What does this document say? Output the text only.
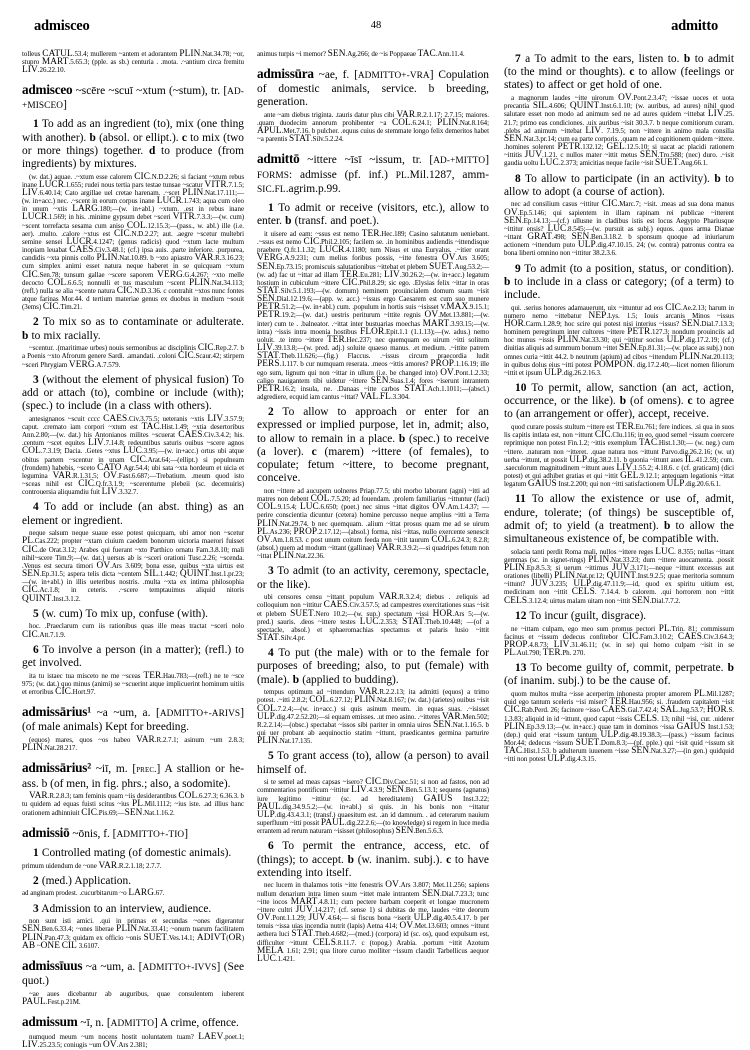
admisceo	48	admitto
tolleus CATUL.53.4; mullerem ~antem et adorantem PLIN.Nat.34.78; ~or, stupro MART.5.65.3; (pple. as sb.) centuria . .mota. .~antium circa fremitu LIV.26.22.10.
admisceo ~scēre ~scuī ~xtum (~stum), tr. [AD-+MISCEO]
1 To add as an ingredient (to), mix (one thing with another). b (absol. or ellipt.). c to mix (two or more things) together. d to produce (from ingredients) by mixtures.
(w. dat.) aquae. .~xtum esse calorem CIC.N.D.2.26; si faciant ~xtum rebus inane LUCR.1.655; rudei nous tertia pars testae tunsae ~scatur VITR.7.1.5; LIV.6.40.14; Cato argillae uel cretae harenam. .~scet PLIN.Nat.17.111;—(w. in+acc.) nec. .~scent in eorum corpus inane LUCR.1.743; aqua cum oleo in unum ~xtis LARG.180;—(w. in+abl.) ~xtum. .est in rebus inane LUCR.1.569; in his. .minime gypsum debet ~sceri VITR.7.3.3;—(w. cum) ~scent torrefacta sesama cum aniso COL.12.15.3;—(pass., w. abl.) ille (i.e. aer). .multo. .calore ~xtus est CIC.N.D.2.27; aut. .aegre ~scetur multebri semine sensei LUCR.4.1247; (genus radicis) quod ~xtum lacte multum inopiam leuabat CAES.Civ.3.48.1; (cf.) ipsa auis. .parte inferiore. .purpurea, candidis ~xta pinnis collo PLIN.Nat.10.89. b ~xto apiastro VAR.R.3.16.23; cum simplex animi esset natura neque haberet in se quicquam ~xtum CIC.Sen.78; tunsum gallae ~scere saporem VERG.G.4.267; ~xto melle decocto COL.6.6.5; nonnulli et tus masculum ~scent PLIN.Nat.34.113; (refl.) nulla se alia ~scente natura CIC.N.D.3.36. c contrahit ~xtos nunc fontes atque farinas Mor.44. d tertium materiae genus ex duobus in medium ~souit (3ems) CIC.Tim.21.
2 To mix so as to contaminate or adulterate. b to mix racially.
~scentur. .(maritimae urbes) nouis sermonibus ac disciplinis CIC.Rep.2.7. b a Poenis ~xto Afrorum genere Sardi. .amandati. .coloni CIC.Scaur.42; stirpem ~sceri Phrygiam VERG.A.7.579.
3 (without the element of physical fusion) To add or attach (to), combine or include (with); (spec.) to include (in a class with others).
antesignanos ~scuit cccc CAES.Civ.3.75.5; ueteranis ~xtis LIV.3.57.9; caput. .cremato iam corpori ~xtum est TAC.Hist.1.49; ~xtia desertoribus Ann.2.80;—(w. dat.) his Antonianos milites ~scuerat CAES.Civ.3.4.2; his. .centum ~scet equites LIV.7.14.8; redeuntibus saturis ouibus ~scere agnos COL.7.3.19; Dacia. .Getes ~xtus LUC.3.95;—(w. in+acc.) ortus ubi atque obitus partem ~scentur in unam CIC.Arat.64;—(ellipt.) si populneam (frondem) habebis, ~sceto CATO Agr.54.4; ubi sata ~xta hordeum et uicia et legumina VAR.R.1.31.5; OV.Fast.6.687;—Trebatium. .meum quod isto ~sceas nihil est CIC.Q.fr.3.1.9; ~scerenturne plebeii (sc. decemuiris) controuersia aliquamdiu fuit LIV.3.32.7.
4 To add or include (an abst. thing) as an element or ingredient.
neque salsum neque suaue esse potest quicquam, ubi amor non ~scetur PL.Cas.222; propter ~xtam ciuium caedem bonorum uictoria maerori fuisset CIC.de Orat.3.12; Arabes qui fuerant ~xto Parthico ornatu Fam.3.8.10; mali nihil~scere Tim.9;—(w. dat.) uersus ab is ~sceri orationi Tusc.2.26; ~scenda. .Venus est secura timori OV.Ars 3.609; bona esse, quibus ~xta uirtus est SEN.Ep.31.5; aspera telis dicta ~centem SIL.1.442; QUINT.Inst.1.pr.23;—(w. in+abl.) in illis ueteribus nostris. .multa ~xta ex intima philosophia CIC.Ac.1.8; in ceteris. .~scere temptauimus aliquid nitoris QUINT.Inst.3.1.2.
5 (w. cum) To mix up, confuse (with).
hoc. .Praeclarum cum iis rationibus quas ille meas tractat ~sceri nolo CIC.Att.7.1.9.
6 To involve a person (in a matter); (refl.) to get involved.
ita tu istaec tua misceto ne me ~sceas TER.Hau.783;—(refl.) ne te ~sce 975; (w. dat.) quo minus (animi) se ~scuerint atque implicuerint hominum uitiis et erroribus CIC.Hort.97.
admissārius¹ ~a ~um, a. [ADMITTO+-ARIVS] (of male animals) Kept for breeding.
(equos) mares, quos ~os habeo VAR.R.2.7.1; asinum ~um 2.8.3; PLIN.Nat.28.217.
admissārius² ~iī, m. [prec.] A stallion or he-ass. b (of men, in fig. phrs.; also, a sodomite).
VAR.R.2.8.3; tam feminis quam ~iis desiderantibus COL.6.27.3; 6.36.3. b tu quidem ad equas fuisti scitus ~ius PL.Mil.1112; ~ius iste. .ad illius hanc orationem adhinniuit CIC.Pis.69;—SEN.Nat.1.16.2.
admissiō ~ōnis, f. [ADMITTO+-TIO]
1 Controlled mating (of domestic animals).
primum uidendum de ~one VAR.R.2.1.18; 2.7.7.
2 (med.) Application.
ad anginam prodest. .cucurbitarum ~o LARG.67.
3 Admission to an interview, audience.
non sunt isti amici. .qui in primas et secundas ~ones digerantur SEN.Ben.6.33.4; ~ones liberae PLIN.Nat.33.41; ~onum tuarum facilitatem PLIN.Pan.47.3; quidam ex officio ~onis SUET.Ves.14.1; ADIVT(OR) AB ~ONE CIL 3.6107.
admissīuus ~a ~um, a. [ADMITTO+-IVVS] (See quot.)
~ae aues dicebantur ab auguribus, quae consulentem iuberent PAUL.Fest.p.21M.
admissum ~ī, n. [ADMITTO] A crime, offence.
numquod meum ~um nocens hostit uoluntatem tuam? LAEV.poet.1; LIV.25.23.5; coniugis ~um OV.Ars 2.381;
animus turpis ~i memor? SEN.Ag.266; de ~is Poppaeae TAC.Ann.11.4.
admissūra ~ae, f. [ADMITTO+-VRA] Copulation of domestic animals, service. b breeding, generation.
ante ~am diebus triginta. .tauris datur plus cibi VAR.R.2.1.17; 2.7.15; maiores. .quam duodecim annorum prohibenter ~a COL.6.24.1; PLIN.Nat.8.164; APUL.Met.7.16. b pulcher. .equus cuius de stemmate longo felix demeritos habet ~a parentis STAT.Silv.5.2.24.
admittō ~ittere ~īsī ~issum, tr. [AD-+MITTO] FORMS: admisse (pf. inf.) PL.Mil.1287, amm- SIC.FL.agrim.p.99.
1 To admit or receive (visitors, etc.), allow to enter. b (transf. and poet.).
it uisere ad eam: ~ssus est nemo TER.Hec.189; Casino salutatum ueniebant. .~ssus est nemo CIC.Phil.2.105; facilem se. .in hominibus audiendis ~ittendisque praebere Q.fr.1.1.32; LUCR.4.1180; tum Nisus et una Euryalus. .~itier orant VERG.A.9.231; cum melius foribus possis, ~itte fenestra OV.Ars 3.605; SEN.Ep.73.15; promiscuis salutationibus ~ittebat et plebem SUET.Aug.53.2;—(w. ad) fac ut ~ittar ad illam TER.Eu.281; LIV.30.26.2;—(w. in+acc.) legatum hostium in cubiculum ~ittere CIC.Phil.8.29; sic ego. .Elysias felix ~ittar in oras STAT.Silv.5.1.193;—(w. domum) neminem prouincialem domum suam ~isit SEN.Dial.12.19.6;—(app. w. acc.) ~issus ergo Caesarem est cum suo munere PETR.51.2;—(w. in+abl.) cum. .populum in hortis suis ~isisset V.MAX.9.15.1; PETR.19.2;—(w. dat.) uestris periturum ~ittite regnis OV.Met.13.881;—(w. inter) cum te . .balneator. .~ittat inter bustuarias moechas MART.3.93.15;—(w. intra) ~issis intra moenia hostibus FLOR.Epit.1.1 (1.1.13);—(w. adus.) nemo uoluit. .te intro ~ittere TER.Hec.237; nec quemquam eo uirum ~itti solitum LIV.39.13.8;—(w. pred. adj.) soluite quaeso manus. .et medium. .~ittite patrem STAT.Theb.11.626;—(fig.) Flaccus. .~issus circum praecordia ludit PERS.1.117. b cur numquam reserata. .meos ~ittis amores? PROP.1.16.19; ille ego sum, lignum qui non ~ittar in ullum (i.e. be changed into) OV.Pont.1.2.33; caligo nauigantem tibi uidetur ~ittere SEN.Suas.1.4; fores ~iserunt intrantem PETR.16.2; insula, ne. .Danaas ~itte carbos STAT.Ach.1.1011;—(abscl.) adgrediere, ecquid iam cantus ~ittat? VAL.FL.3.304.
2 To allow to approach or enter for an expressed or implied purpose, let in, admit; also, to allow to remain in a place. b (spec.) to receive (a lover). c (marem) ~ittere (of females), to copulate; fetum ~ittere, to become pregnant, conceive.
non ~ittere ad aucupem uolneres Priap.77.5; ubi morbo laborant (agni) ~itti ad matres non debent COL.7.5.20; ad fouendam. .prolem familiarius ~ittuntur (faci) COL.9.15.4; LUC.6.650; (poet.) nec sinus ~ittat digitos OV.Am.1.4.37; —perire conscientia dicuntur (cetera) homine percusso neque amplius ~itti a Terra PLIN.Nat.29.74. b nec quemquam. .alium ~ittat prosus quam me ad se uirum PL.As.236; PROP.2.17.12;—(absol.) forma, nisi ~ittas, nullo exercente senescit OV.Am.1.8.53. c post unum coitum feeda non ~ittit taurum COL.6.24.3; 8.2.8; (absol.) quem ad modum ~ittant (gallinae) VAR.R.3.9.2;—si quadripes fetum non ~ittat PLIN.Nat.22.36.
3 To admit (to an activity, ceremony, spectacle, or the like).
ubi censores censu ~ittant populum VAR.R.3.2.4; diebus . .reliquis ad colloquium non ~ittitur CAES.Civ.3.57.5; ad campestres exercitationes suas ~isit et plebem SUET.Nero 10.2;—(w. sup.) spectatum ~issi HOR.Ars 5;—(w. pred.) sauris. .deos ~ittere testes LUC.2.353; STAT.Theb.10.448; —(of a spectacle, absol.) et sphaeromachias spectamus et palaris lusio ~ittit STAT.Silv.4.pr.
4 To put (the male) with or to the female for purposes of breeding; also, to put (female) with (male). b (applied to budding).
tempus optimum ad ~ittendum VAR.R.2.2.13; ita admitti (equos) a trimo potest. .~itti 2.8.2; COL.6.27.12; PLIN.Nat.8.167; (w. dat.) (arietes) ouibus ~isit COL.7.2.4;—(w. in+acc.) si quis asinum meum. .in equas suas. .~isisset ULP.dig.47.2.52.20;—si equam emisses. .ut meo asino. .~itteres VAR.Men.502; R.2.2.14;—(obsc.) spectabat ~issos sibi pariter in omnia uiros SEN.Nat.1.16.5. b qui uer probant ab aequinoctio statim ~ittunt, praedicantes germina parturire PLIN.Nat.17.135.
5 To grant access (to), allow (a person) to avail himself of.
si te semel ad meas capsas ~isero? CIC.Div.Caec.51; si non ad fastos, non ad commentarios pontificum ~ittitur LIV.4.3.9; SEN.Ben.5.13.1; sequens (agnatus) iure legitimo ~ittitur (sc. ad hereditatem) GAIUS Inst.3.22; PAUL.dig.34.9.5.2;—(w. in+abl.) si quis. .in his bonis non ~ittatur ULP.dig.43.4.3.1; (transf.) quaesitum est. .an id damnum. . ad ceterarum nauium superfluum ~itti possit PAUL.dig.22.2.6;—(to knowledge) si regem in luce media errantem ad rerum naturam ~isisset (philosophus) SEN.Ben.5.6.3.
6 To permit the entrance, access, etc. of (things); to accept. b (w. inanim. subj.). c to have extending into itself.
nec lucem in thalamos totis ~itte fenestris OV.Ars 3.807; Met.11.256; sapiens nullum denarium intra limen suum ~ittet male intrantem SEN.Dial.7.23.3; tunc ~itte iocos MART.4.8.11; cum pectere barbam coeperit et longae mucronem ~ittere cultri JUV.14.217; (cf. sense 1) si dubitas de me, laudes ~itte deorum OV.Pont.1.1.29; JUV.4.64;— si fiscus bona ~iserit ULP.dig.40.5.4.17. b per tenuis ~issa uias incendia nutrit (lapis) Aetna 414; OV.Met.13.603; omnes ~ittunt aethera luci STAT.Theb.4.682;—(med.) (corpora) id (sc. os), quod expulsum est, difficulter ~ittunt CELS.8.11.7. c (topog.) Arabia. .portum ~ittit Azotum MELA 1.61; 2.91; qua litore curuo molliter ~issum claudit Tarbellicus aequor LUC.1.421.
7 a To admit to the ears, listen to. b to admit (to the mind or thoughts). c to allow (feelings or states) to affect or get hold of one.
a magnorum laudes ~itte uirorum OV.Pont.2.3.47; ~issae uoces et uota precantia SIL.4.606; QUINT.Inst.6.1.10; (w. auribus, ad aures) nihil quod salutare esset non modo ad animum sed ne ad aures quidem ~ittebat LIV.25. 21.7; primo eas condiciones. .uix auribus ~isit 30.3.7. b neque comitiorum curam. .plebs ad animum ~ittebat LIV. 7.19.5; non ~ittere in animo mala consilia SEN.Nat.3.pr.14; cum ea parte corporis. .quam ne ad cognitionem quidem ~ittere. .homines solerent PETR.132.12; GEL.12.5.10; si uacat ac placidi rationem ~ittitis JUV.1.21. c nullos mater ~ittit metus SEN.Tro.588; (nec) duro. .~isit gaudia uoltu LUC.2.373; amicitias neque facile ~isit SUET.Aug.66.1.
8 To allow to participate (in an activity). b to allow to adopt (a course of action).
nec ad consilium casus ~ittitur CIC.Marc.7; ~isit. .meas ad sua dona manus OV.Ep.5.146; qui sapientem in illam rapinam rei publicae ~itterent SEN.Ep.14.13;—(cf.) ullusne in cladibus istis est locus Aegypto Phariusque ~ittitur ensis? LUC.8.545;—(w. pursuit as subj.) equos. .quos arma Dianae ~ittant GRAT.498; SEN.Ben.3.18.2. b sponsum quoque ad iniuriarum actionem ~ittendum puto ULP.dig.47.10.15. 24; (w. contra) patronus contra ea bona liberti omnino non ~ittitur 38.2.3.6.
9 To admit (to a position, status, or condition). b to include in a class or category; (of a term) to include.
qui. .serius honores adamauerunt, uix ~ittuntur ad eos CIC.Ae.2.13; harum in numero nemo ~ittebatur NEP.Lys. 1.5; Iouis arcanis Minos ~issus HOR.Carm.1.28.9; hoc scire qui potest nisi interius ~issus? SEN.Dial.7.13.3; hominem peregrinum inter cultores ~ittere PETR.127.3; nondum prouinciis ad hoc munus ~issis PLIN.Nat.33.30; qui ~ittitur socius ULP.dig.17.2.19; (cf.) diuitias aliquis ad summum bonum ~ittet SEN.Ep.81.31;—(w. place as subj.) non omnes curia ~ittit 44.2. b neutrum (apium) ad cibos ~ittendum PLIN.Nat.20.113; in quibus dolus eius ~itti potest POMPON. dig.17.2.40;—licet nomen filiorum ~ittit et ipsum ULP.dig.26.2.16.3.
10 To permit, allow, sanction (an act, action, occurrence, or the like). b (of omens). c to agree to (an arrangement or offer), accept, receive.
quod curare possis stultum ~ittere est TER.Eu.761; fere indices. .si qua in suos lis capitis intlata est, non ~ittunt CIC.Clu.116; in eo, quod semel ~issum coercere reprimique non potest Fin.1.2; ~ittis exemplum TAC.Hist.1.30;— (w. neg.) cum ~ittere. .naturam non ~itteret. .quae natura nos ~ittunt Parvo.dig.26.2.16; (w. ut) uerba ~ittunt, ut possit ULP.dig.38.2.11. b quonia ~ittunt aues IL.41.2.59; cum. .saeculorum magnitudinem ~ittunt aues LIV.1.55.2; 4.18.6. c (cf. graticam) (dici potest) et qui adhibet gratias et qui ~ittit GEL.9.12.1; antequam legationis ~ittat legatum GAIUS Inst.2.200; qui non ~itti satisfactionem ULP.dig.20.6.6.1.
11 To allow the existence or use of, admit, endure, tolerate; (of things) be susceptible of, admit of; to yield (a treatment). b to allow the simultaneous existence of, be compatible with.
solacia tanti perdit Roma mali, nullos ~ittere reges LUC. 8.355; nullas ~ittant gemmas (sc. in signet-rings) PLIN.Nat.33.23; dum ~ittere auocamenta. .possit PLIN.Ep.8.5.3; si uerum ~ittimus JUV.3.171;—neque ~ittunt excessus aut orationes (libelli) PLIN.Nat.pr.12; QUINT.Inst.9.2.5; quae meritoria somnum ~ittunt? JUV.3.235; ULP.dig.47.11.9;—id, quod ex spiritu uitium est, medicinam non ~ittit CELS. 7.14.4. b calorem. .qui horrorem non ~ittit CELS.3.12.4; uirtus malam uitam non ~ittit SEN.Dial.7.7.2.
12 To incur (guilt, disgrace).
ne ~ittam culpam, ego meo sum promus pectori PL.Trin. 81; commissum facinus et ~issum dedecus confitebor CIC.Fam.3.10.2; CAES.Civ.3.64.3; PROP.4.8.73; LIV.31.46.11; (w. in se) qui homo culpam ~isit in se PL.Aul.790; TER.Ph. 270.
13 To become guilty of, commit, perpetrate. b (of inanim. subj.) to be the cause of.
quom multos multa ~isse acerperim inhonesta propter amorem PL.Mil.1287; quid ego tantum sceleris ~isi miser? TER.Hau.956; si. .fraudem capitalem ~isit CIC.Rab.Perd. 26; facinore ~isso CAES.Gal.7.42.4; SAL.Jug.53.7; HOR.S. 1.3.83; aliquid in id ~ittunt, quod caput ~issis CELS. 13; nihil ~isi, cur. .uiderer PLIN.Ep.3.9.13;—(w. in+acc.) quae tam in dominos ~issa GAIUS Inst.1.53; (dep.) quid erat ~issum tantum ULP.dig.48.19.38.3;—(pass.) ~issum facinus Mor.44; dedecus ~issum SUET.Dom.8.3;—(pf. pple.) qui ~isit quid ~issum sit TAC.Hist.1.53. b adulterum iuuenem ~isse SEN.Nat.3.27;—(in gen.) quidquid ~itti non potest ULP.dig.4.3.15.
